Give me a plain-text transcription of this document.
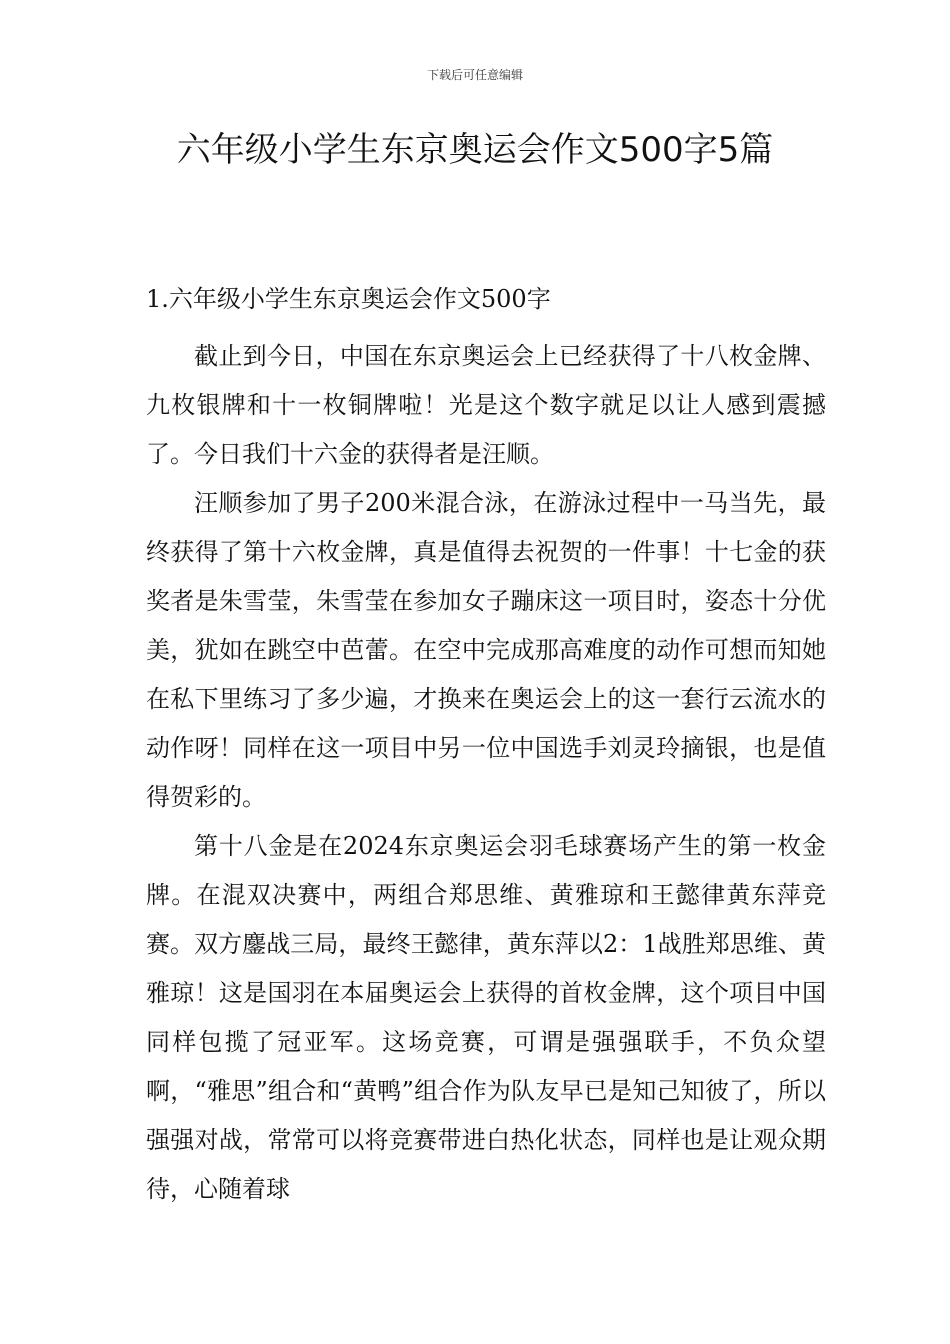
下载后可任意编辑
六年级小学生东京奥运会作文500字5篇
1.六年级小学生东京奥运会作文500字

截止到今日，中国在东京奥运会上已经获得了十八枚金牌、九枚银牌和十一枚铜牌啦！光是这个数字就足以让人感到震撼了。今日我们十六金的获得者是汪顺。

汪顺参加了男子200米混合泳，在游泳过程中一马当先，最终获得了第十六枚金牌，真是值得去祝贺的一件事！十七金的获奖者是朱雪莹，朱雪莹在参加女子蹦床这一项目时，姿态十分优美，犹如在跳空中芭蕾。在空中完成那高难度的动作可想而知她在私下里练习了多少遍，才换来在奥运会上的这一套行云流水的动作呀！同样在这一项目中另一位中国选手刘灵玲摘银，也是值得贺彩的。

第十八金是在2024东京奥运会羽毛球赛场产生的第一枚金牌。在混双决赛中，两组合郑思维、黄雅琼和王懿律黄东萍竞赛。双方鏖战三局，最终王懿律，黄东萍以2：1战胜郑思维、黄雅琼！这是国羽在本届奥运会上获得的首枚金牌，这个项目中国同样包揽了冠亚军。这场竞赛，可谓是强强联手，不负众望啊，“雅思”组合和“黄鸭”组合作为队友早已是知己知彼了，所以强强对战，常常可以将竞赛带进白热化状态，同样也是让观众期待，心随着球
